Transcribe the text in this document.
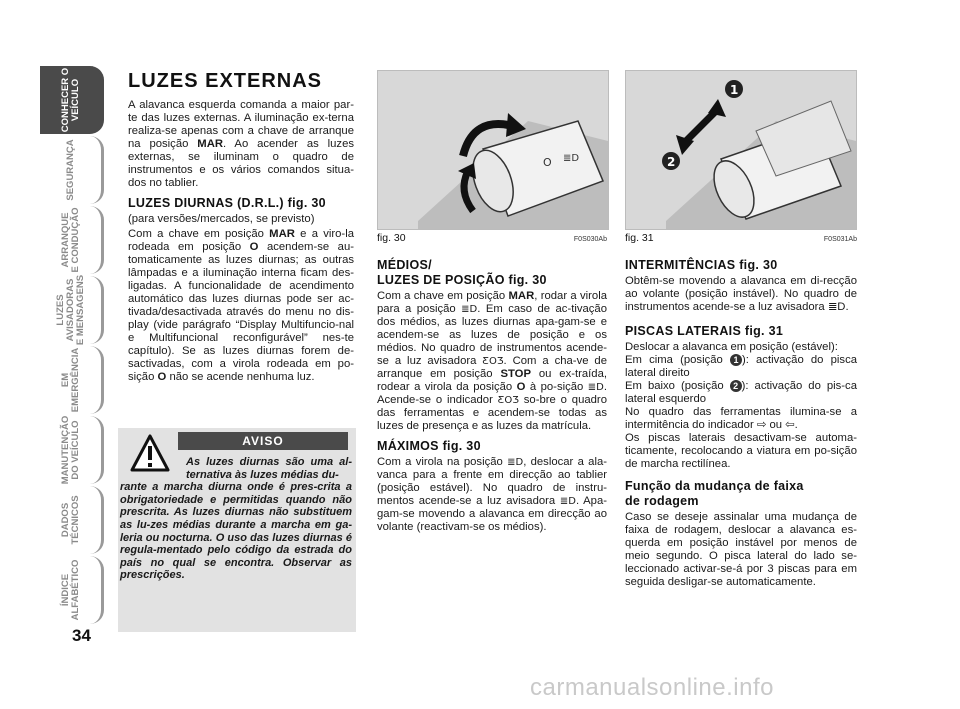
CONHECER O
VEÍCULO
SEGURANÇA
ARRANQUE
E CONDUÇÃO
LUZES
AVISADORAS
E MENSAGENS
EM
EMERGÊNCIA
MANUTENÇÃO
DO VEÍCULO
DADOS
TÉCNICOS
ÍNDICE
ALFABÉTICO
34
LUZES EXTERNAS

A alavanca esquerda comanda a maior par-te das luzes externas. A iluminação ex-terna realiza-se apenas com a chave de arranque na posição MAR. Ao acender as luzes externas, se iluminam o quadro de instrumentos e os vários comandos situa-dos no tablier.

LUZES DIURNAS (D.R.L.) fig. 30

(para versões/mercados, se previsto)

Com a chave em posição MAR e a viro-la rodeada em posição O acendem-se au-tomaticamente as luzes diurnas; as outras lâmpadas e a iluminação interna ficam des-ligadas. A funcionalidade de acendimento automático das luzes diurnas pode ser ac-tivada/desactivada através do menu no dis-play (vide parágrafo “Display Multifuncio-nal e Multifuncional reconfigurável” nes-te capítulo). Se as luzes diurnas forem de-sactivadas, com a virola rodeada em po-sição O não se acende nenhuma luz.

AVISO
As luzes diurnas são uma al-ternativa às luzes médias du-
rante a marcha diurna onde é pres-crita a obrigatoriedade e permitidas quando não prescrita. As luzes diurnas não substituem as lu-zes médias durante a marcha em ga-leria ou nocturna. O uso das luzes diurnas é regula-mentado pelo código da estrada do país no qual se encontra. Observar as prescrições.
O ≣D
fig. 30	F0S030Ab
MÉDIOS/
LUZES DE POSIÇÃO fig. 30

Com a chave em posição MAR, rodar a virola para a posição ≣D. Em caso de ac-tivação dos médios, as luzes diurnas apa-gam-se e acendem-se as luzes de posição e os médios. No quadro de instrumentos acende-se a luz avisadora ƸOƷ. Com a cha-ve de arranque em posição STOP ou ex-traída, rodear a virola da posição O à po-sição ≣D. Acende-se o indicador ƸOƷ so-bre o quadro das ferramentas e acendem-se todas as luzes de presença e as luzes da matrícula.

MÁXIMOS fig. 30

Com a virola na posição ≣D, deslocar a ala-vanca para a frente em direcção ao tablier (posição estável). No quadro de instru-mentos acende-se a luz avisadora ≣D. Apa-gam-se movendo a alavanca em direcção ao volante (reactivam-se os médios).

1
2
fig. 31	F0S031Ab
INTERMITÊNCIAS fig. 30

Obtêm-se movendo a alavanca em di-recção ao volante (posição instável). No quadro de instrumentos acende-se a luz avisadora ≣D.

PISCAS LATERAIS fig. 31

Deslocar a alavanca em posição (estável):

Em cima (posição 1 ): activação do pisca lateral direito

Em baixo (posição 2 ): activação do pis-ca lateral esquerdo

No quadro das ferramentas ilumina-se a intermitência do indicador ⇨ ou ⇦.

Os piscas laterais desactivam-se automa-ticamente, recolocando a viatura em po-sição de marcha rectilínea.

Função da mudança de faixa
de rodagem

Caso se deseje assinalar uma mudança de faixa de rodagem, deslocar a alavanca es-querda em posição instável por menos de meio segundo. O pisca lateral do lado se-leccionado activar-se-á por 3 piscas para em seguida desligar-se automaticamente.

carmanualsonline.info
